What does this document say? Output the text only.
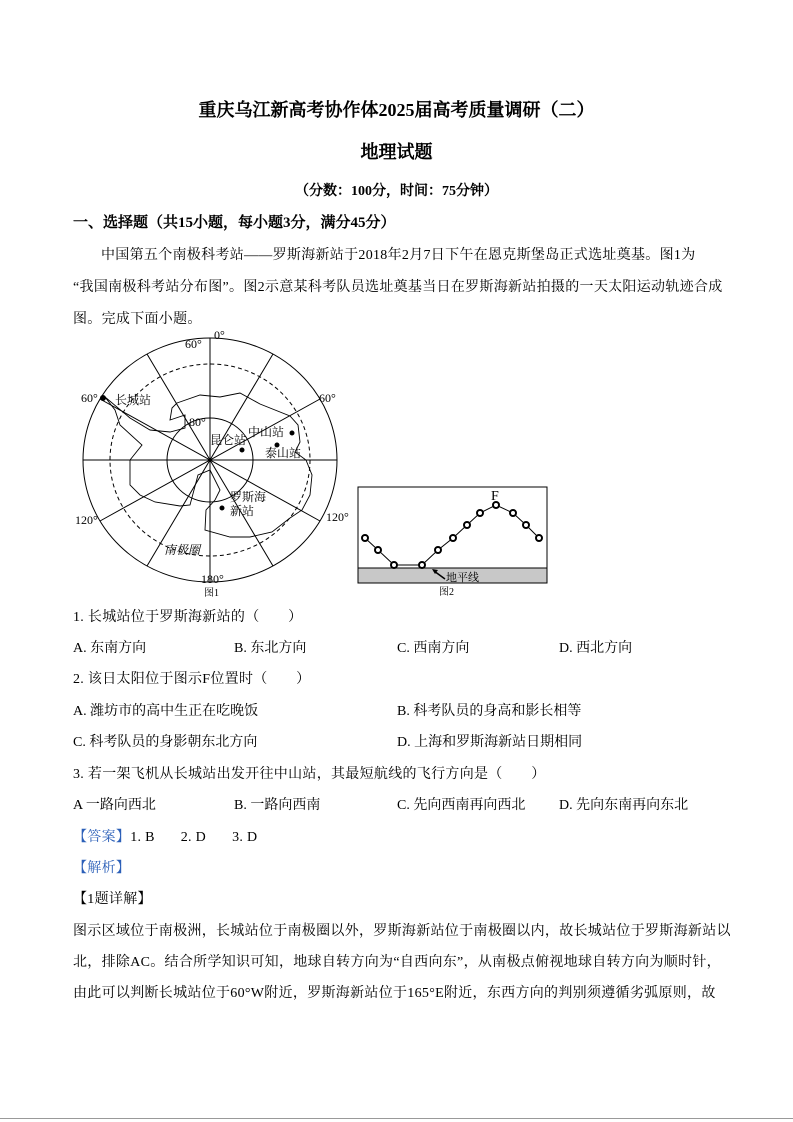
重庆乌江新高考协作体2025届高考质量调研（二）
地理试题
（分数：100分，时间：75分钟）
一、选择题（共15小题，每小题3分，满分45分）
中国第五个南极科考站——罗斯海新站于2018年2月7日下午在恩克斯堡岛正式选址奠基。图1为
“我国南极科考站分布图”。图2示意某科考队员选址奠基当日在罗斯海新站拍摄的一天太阳运动轨迹合成
图。完成下面小题。
0°
60°
60°	60°
80°
120°	120°
180°
南极圈
长城站
昆仑站
中山站
泰山站
罗斯海
新站
图1
F
地平线
图2
1. 长城站位于罗斯海新站的（　　）
A. 东南方向	B. 东北方向	C. 西南方向	D. 西北方向
2. 该日太阳位于图示F位置时（　　）
A. 潍坊市的高中生正在吃晚饭	B. 科考队员的身高和影长相等
C. 科考队员的身影朝东北方向	D. 上海和罗斯海新站日期相同
3. 若一架飞机从长城站出发开往中山站，其最短航线的飞行方向是（　　）
A 一路向西北	B. 一路向西南	C. 先向西南再向西北 D. 先向东南再向东北
【答案】1. B 2. D 3. D
【解析】
【1题详解】
图示区域位于南极洲，长城站位于南极圈以外，罗斯海新站位于南极圈以内，故长城站位于罗斯海新站以
北，排除AC。结合所学知识可知，地球自转方向为“自西向东”，从南极点俯视地球自转方向为顺时针，
由此可以判断长城站位于60°W附近，罗斯海新站位于165°E附近，东西方向的判别须遵循劣弧原则，故
